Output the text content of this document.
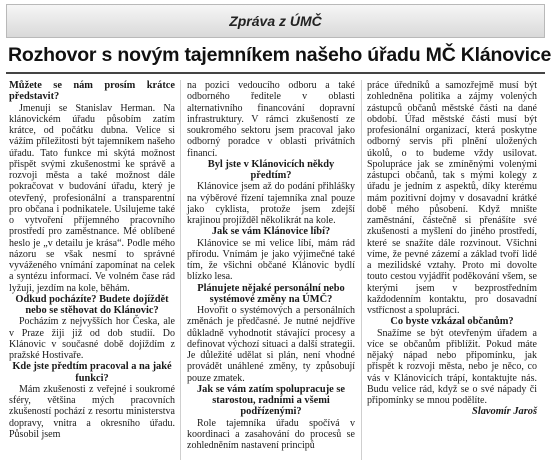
Zpráva z ÚMČ
Rozhovor s novým tajemníkem našeho úřadu MČ Klánovice

Můžete se nám prosím krátce představit?

Jmenuji se Stanislav Herman. Na klánovickém úřadu působím zatím krátce, od počátku dubna. Velice si vážím příležitosti být tajemníkem našeho úřadu. Tato funkce mi skýtá možnost přispět svými zkušenostmi ke správě a rozvoji města a také možnost dále pokračovat v budování úřadu, který je otevřený, profesionální a transparentní pro občana i podnikatele. Usilujeme také o vytvoření příjemného pracovního prostředí pro zaměstnance. Mé oblíbené heslo je „v detailu je krása“. Podle mého názoru se však nesmí to správné vyváženého vnímání zapomínat na celek a syntézu informací. Ve volném čase rád lyžuji, jezdím na kole, běhám.

Odkud pocházíte? Budete dojíždět nebo se stěhovat do Klánovic?

Pocházím z nejvyšších hor Česka, ale v Praze žiji již od dob studií. Do Klánovic v současné době dojíždím z pražské Hostivaře.

Kde jste předtím pracoval a na jaké funkci?

Mám zkušenosti z veřejné i soukromé sféry, většina mých pracovních zkušeností pochází z resortu ministerstva dopravy, vnitra a okresního úřadu. Působil jsem

na pozici vedoucího odboru a také odborného ředitele v oblasti alternativního financování dopravní infrastruktury. V rámci zkušeností ze soukromého sektoru jsem pracoval jako odborný poradce v oblasti privátních financí.

Byl jste v Klánovicích někdy předtím?

Klánovice jsem až do podání přihlášky na výběrové řízení tajemníka znal pouze jako cyklista, protože jsem zdejší krajinou projížděl několikrát na kole.

Jak se vám Klánovice líbí?

Klánovice se mi velice líbí, mám rád přírodu. Vnímám je jako výjimečné také tím, že všichni občané Klánovic bydlí blízko lesa.

Plánujete nějaké personální nebo systémové změny na ÚMČ?

Hovořit o systémových a personálních změnách je předčasné. Je nutné nejdříve důkladně vyhodnotit stávající procesy a definovat výchozí situaci a další strategii. Je důležité udělat si plán, není vhodné provádět unáhlené změny, ty způsobují pouze zmatek.

Jak se vám zatím spolupracuje se starostou, radními a všemi podřízenými?

Role tajemníka úřadu spočívá v koordinaci a zasahování do procesů se zohledněním nastavení principů

práce úředníků a samozřejmě musí být zohledněna politika a zájmy volených zástupců občanů městské části na dané období. Úřad městské části musí být profesionální organizací, která poskytne odborný servis při plnění uložených úkolů, o to budeme vždy usilovat. Spolupráce jak se zmíněnými volenými zástupci občanů, tak s mými kolegy z úřadu je jedním z aspektů, díky kterému mám pozitivní dojmy v dosavadní krátké době mého působení. Když mnište zaměstnání, částečně si přenášíte své zkušenosti a myšlení do jiného prostředí, které se snažíte dále rozvinout. Všichni víme, že pevné zázemí a základ tvoří lidé a mezilidské vztahy. Proto mi dovolte touto cestou vyjádřit poděkování všem, se kterými jsem v bezprostředním každodenním kontaktu, pro dosavadní vstřícnost a spolupráci.

Co byste vzkázal občanům?

Snažíme se být otevřeným úřadem a více se občanům přiblížit. Pokud máte nějaký nápad nebo připomínku, jak přispět k rozvoji města, nebo je něco, co vás v Klánovicích trápí, kontaktujte nás. Budu velice rád, když se o své nápady či připomínky se mnou podělíte.

Slavomír Jaroš
